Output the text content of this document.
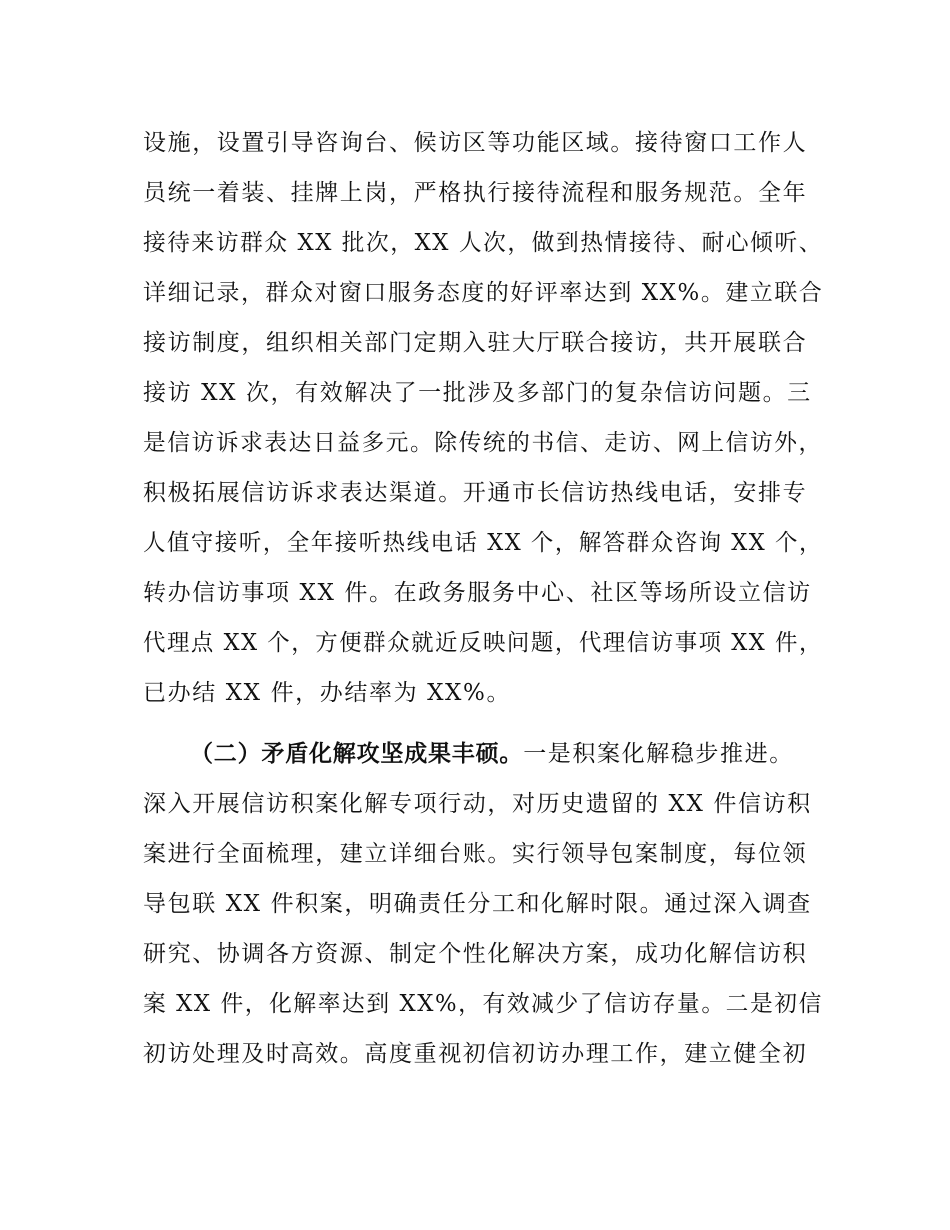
设施，设置引导咨询台、候访区等功能区域。接待窗口工作人
员统一着装、挂牌上岗，严格执行接待流程和服务规范。全年
接待来访群众 XX 批次，XX 人次，做到热情接待、耐心倾听、
详细记录，群众对窗口服务态度的好评率达到 XX%。建立联合
接访制度，组织相关部门定期入驻大厅联合接访，共开展联合
接访 XX 次，有效解决了一批涉及多部门的复杂信访问题。三
是信访诉求表达日益多元。除传统的书信、走访、网上信访外，
积极拓展信访诉求表达渠道。开通市长信访热线电话，安排专
人值守接听，全年接听热线电话 XX 个，解答群众咨询 XX 个，
转办信访事项 XX 件。在政务服务中心、社区等场所设立信访
代理点 XX 个，方便群众就近反映问题，代理信访事项 XX 件，
已办结 XX 件，办结率为 XX%。
（二）矛盾化解攻坚成果丰硕。一是积案化解稳步推进。
深入开展信访积案化解专项行动，对历史遗留的 XX 件信访积
案进行全面梳理，建立详细台账。实行领导包案制度，每位领
导包联 XX 件积案，明确责任分工和化解时限。通过深入调查
研究、协调各方资源、制定个性化解决方案，成功化解信访积
案 XX 件，化解率达到 XX%，有效减少了信访存量。二是初信
初访处理及时高效。高度重视初信初访办理工作，建立健全初
